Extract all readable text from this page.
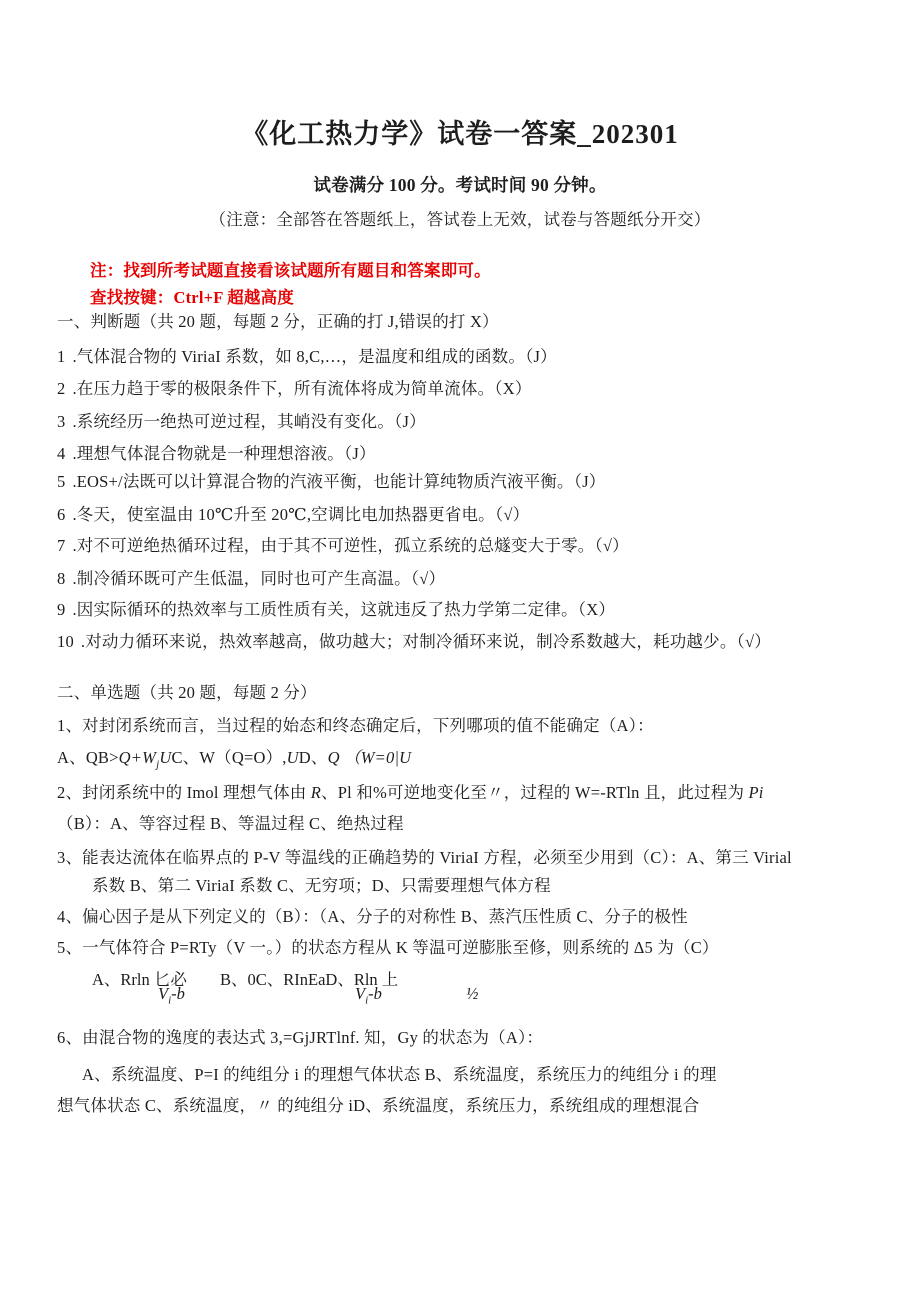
《化工热力学》试卷一答案_202301
试卷满分 100 分。考试时间 90 分钟。
（注意：全部答在答题纸上，答试卷上无效，试卷与答题纸分开交）
注：找到所考试题直接看该试题所有题目和答案即可。
查找按键：Ctrl+F 超越高度
一、判断题（共 20 题，每题 2 分，正确的打 J,错误的打 X）
1 .气体混合物的 ViriaI 系数，如 8,C,…，是温度和组成的函数。（J）
2 .在压力趋于零的极限条件下，所有流体将成为简单流体。（X）
3 .系统经历一绝热可逆过程，其峭没有变化。（J）
4 .理想气体混合物就是一种理想溶液。（J）
5 .EOS+/法既可以计算混合物的汽液平衡，也能计算纯物质汽液平衡。（J）
6 .冬天，使室温由 10℃升至 20℃,空调比电加热器更省电。（√）
7 .对不可逆绝热循环过程，由于其不可逆性，孤立系统的总燧变大于零。（√）
8 .制冷循环既可产生低温，同时也可产生高温。（√）
9 .因实际循环的热效率与工质性质有关，这就违反了热力学第二定律。（X）
10 .对动力循环来说，热效率越高，做功越大；对制冷循环来说，制冷系数越大，耗功越少。（√）
二、单选题（共 20 题，每题 2 分）
1、对封闭系统而言，当过程的始态和终态确定后，下列哪项的值不能确定（A）：
A、$QB>Q+W_jUC$、W（Q=O）,UD、Q （W=0|U
2、封闭系统中的 Imol 理想气体由 R、Pl 和%可逆地变化至〃，过程的 W=-RTln 且，此过程为 Pi
（B）：A、等容过程 B、等温过程 C、绝热过程
3、能表达流体在临界点的 P-V 等温线的正确趋势的 ViriaI 方程，必须至少用到（C）：A、第三 Virial
系数 B、第二 ViriaI 系数 C、无穷项；D、只需要理想气体方程
4、偏心因子是从下列定义的（B）：（A、分子的对称性 B、蒸汽压性质 C、分子的极性
5、一气体符合 P=RTy（V 一。）的状态方程从 K 等温可逆膨胀至修，则系统的 Δ5 为（C）
A、Rrln 匕必 B、0C、RInEaD、Rln 上
$V_i-b$	$V_i-b$	½
6、由混合物的逸度的表达式 3,=GjJRTlnf. 知，Gy 的状态为（A）：
A、系统温度、P=I 的纯组分 i 的理想气体状态 B、系统温度，系统压力的纯组分 i 的理
想气体状态 C、系统温度，〃 的纯组分 iD、系统温度，系统压力，系统组成的理想混合
